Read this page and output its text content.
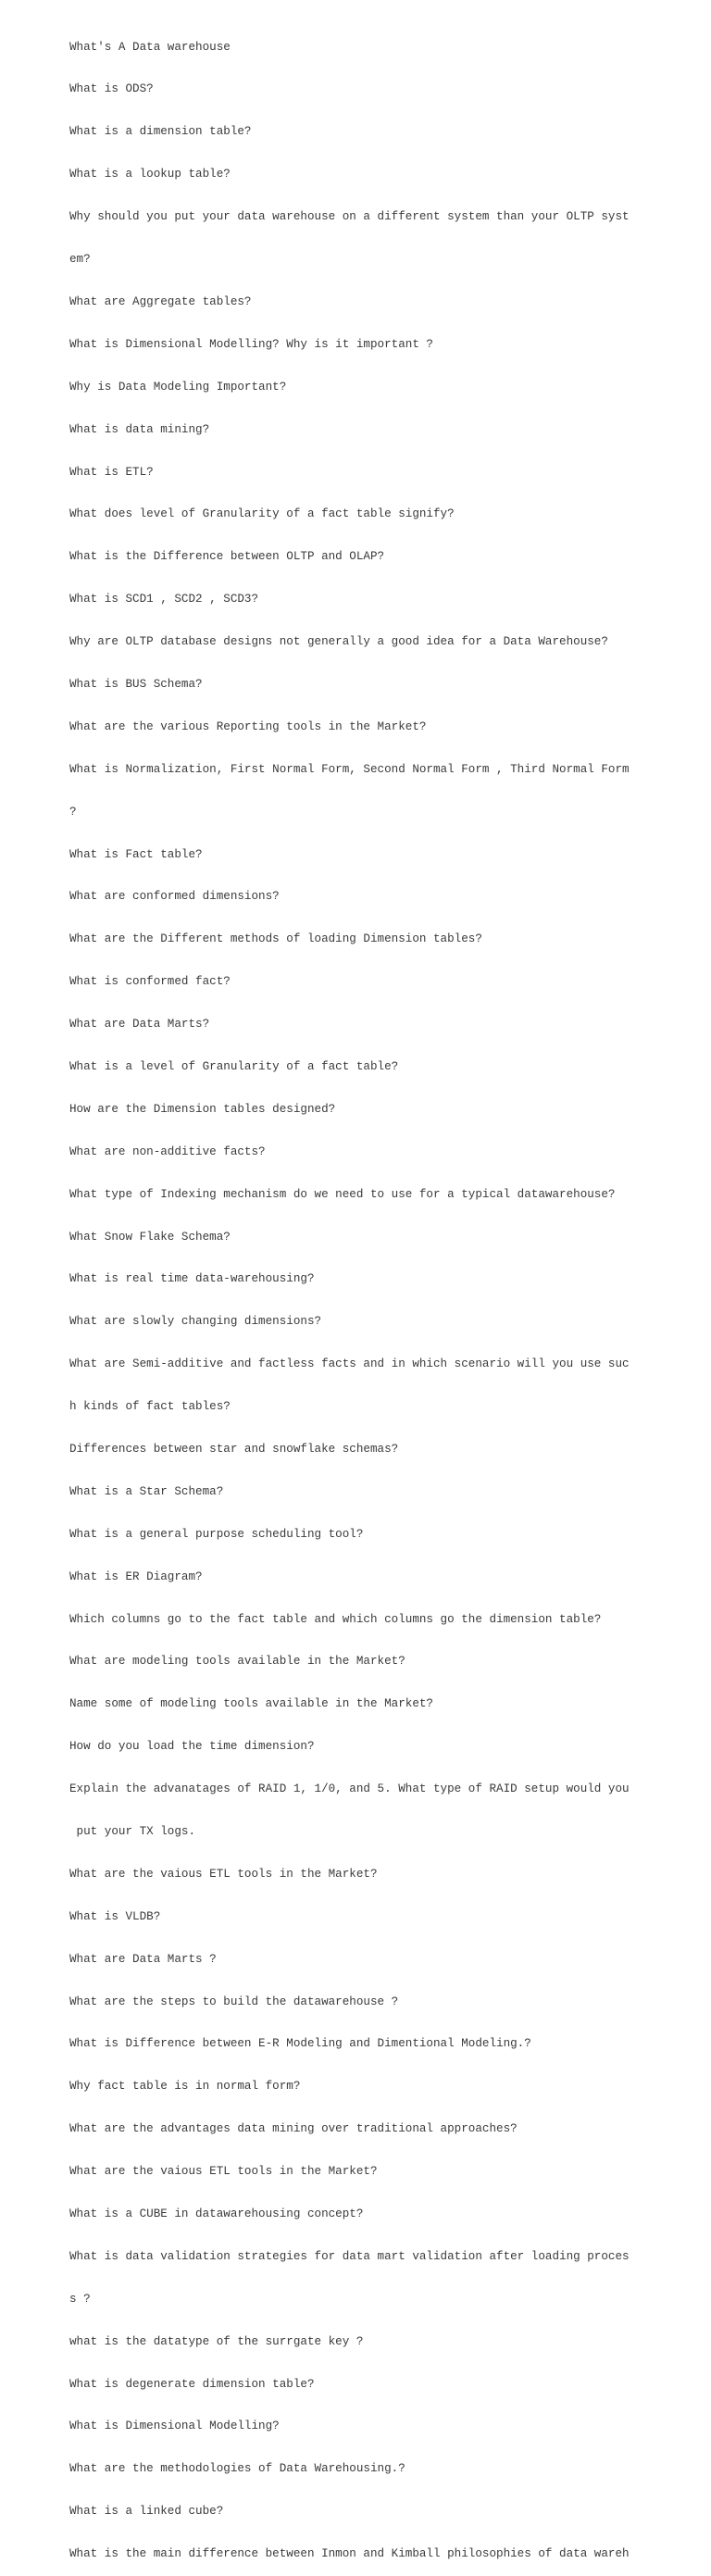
What's A Data warehouse

What is ODS?

What is a dimension table?

What is a lookup table?

Why should you put your data warehouse on a different system than your OLTP syst

em?

What are Aggregate tables?

What is Dimensional Modelling? Why is it important ?

Why is Data Modeling Important?

What is data mining?

What is ETL?

What does level of Granularity of a fact table signify?

What is the Difference between OLTP and OLAP?

What is SCD1 , SCD2 , SCD3?

Why are OLTP database designs not generally a good idea for a Data Warehouse?

What is BUS Schema?

What are the various Reporting tools in the Market?

What is Normalization, First Normal Form, Second Normal Form , Third Normal Form

?

What is Fact table?

What are conformed dimensions?

What are the Different methods of loading Dimension tables?

What is conformed fact?

What are Data Marts?

What is a level of Granularity of a fact table?

How are the Dimension tables designed?

What are non-additive facts?

What type of Indexing mechanism do we need to use for a typical datawarehouse?

What Snow Flake Schema?

What is real time data-warehousing?

What are slowly changing dimensions?

What are Semi-additive and factless facts and in which scenario will you use suc

h kinds of fact tables?

Differences between star and snowflake schemas?

What is a Star Schema?

What is a general purpose scheduling tool?

What is ER Diagram?

Which columns go to the fact table and which columns go the dimension table?

What are modeling tools available in the Market?

Name some of modeling tools available in the Market?

How do you load the time dimension?

Explain the advanatages of RAID 1, 1/0, and 5. What type of RAID setup would you

put your TX logs.

What are the vaious ETL tools in the Market?

What is VLDB?

What are Data Marts ?

What are the steps to build the datawarehouse ?

What is Difference between E-R Modeling and Dimentional Modeling.?

Why fact table is in normal form?

What are the advantages data mining over traditional approaches?

What are the vaious ETL tools in the Market?

What is a CUBE in datawarehousing concept?

What is data validation strategies for data mart validation after loading proces

s ?

what is the datatype of the surrgate key ?

What is degenerate dimension table?

What is Dimensional Modelling?

What are the methodologies of Data Warehousing.?

What is a linked cube?

What is the main difference between Inmon and Kimball philosophies of data wareh
